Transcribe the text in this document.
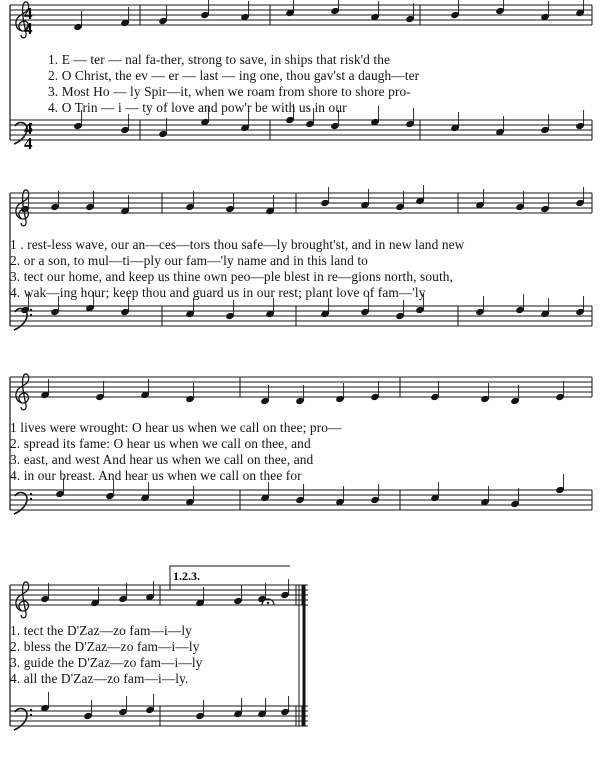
4
4
4
4
1.2.3.
1. E — ter — nal fa-ther, strong to save, in ships that risk'd the
2. O Christ, the ev — er — last — ing one, thou gav'st a daugh—ter
3. Most Ho — ly Spir—it, when we roam from shore to shore pro-
4. O Trin — i — ty of love and pow'r be with us in our
1 . rest-less wave, our an—ces—tors thou safe—ly brought'st, and in new land new
2. or a son, to mul—ti—ply our fam—'ly name and in this land to
3. tect our home, and keep us thine own peo—ple blest in re—gions north, south,
4. wak—ing hour; keep thou and guard us in our rest; plant love of fam—'ly
1 lives were wrought: O hear us when we call on thee; pro—
2. spread its fame: O hear us when we call on thee, and
3. east, and west And hear us when we call on thee, and
4. in our breast. And hear us when we call on thee for
1. tect the D'Zaz—zo fam—i—ly
2. bless the D'Zaz—zo fam—i—ly
3. guide the D'Zaz—zo fam—i—ly
4. all the D'Zaz—zo fam—i—ly.
